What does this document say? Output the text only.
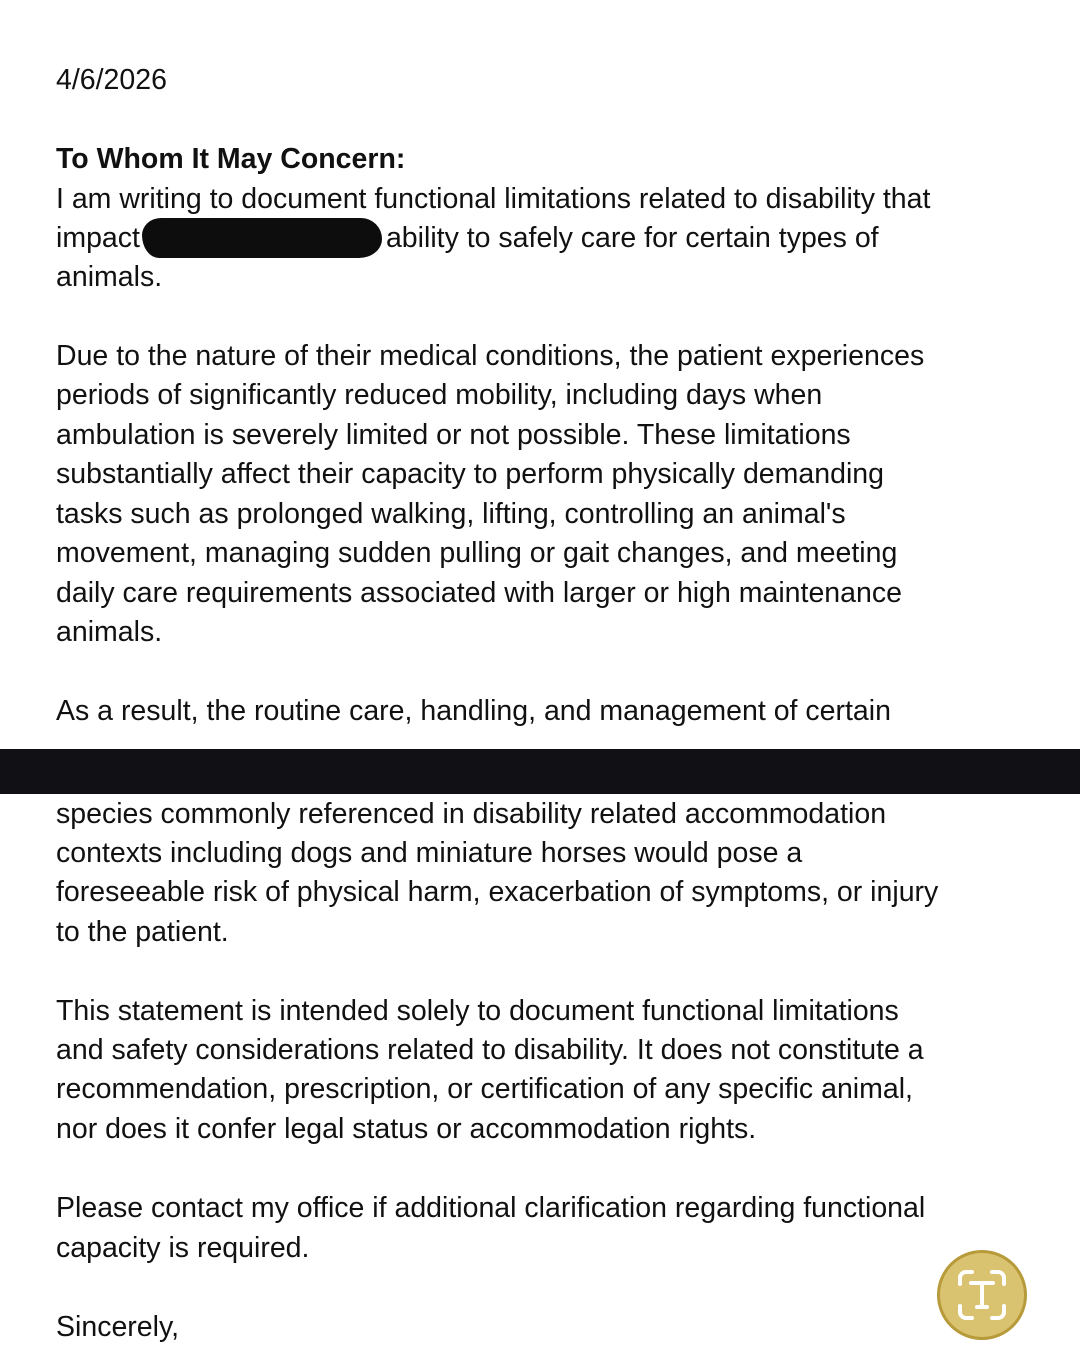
4/6/2026
To Whom It May Concern:
I am writing to document functional limitations related to disability that
impact	ability to safely care for certain types of
animals.
Due to the nature of their medical conditions, the patient experiences
periods of significantly reduced mobility, including days when
ambulation is severely limited or not possible. These limitations
substantially affect their capacity to perform physically demanding
tasks such as prolonged walking, lifting, controlling an animal's
movement, managing sudden pulling or gait changes, and meeting
daily care requirements associated with larger or high maintenance
animals.
As a result, the routine care, handling, and management of certain
species commonly referenced in disability related accommodation
contexts including dogs and miniature horses would pose a
foreseeable risk of physical harm, exacerbation of symptoms, or injury
to the patient.
This statement is intended solely to document functional limitations
and safety considerations related to disability. It does not constitute a
recommendation, prescription, or certification of any specific animal,
nor does it confer legal status or accommodation rights.
Please contact my office if additional clarification regarding functional
capacity is required.
Sincerely,
